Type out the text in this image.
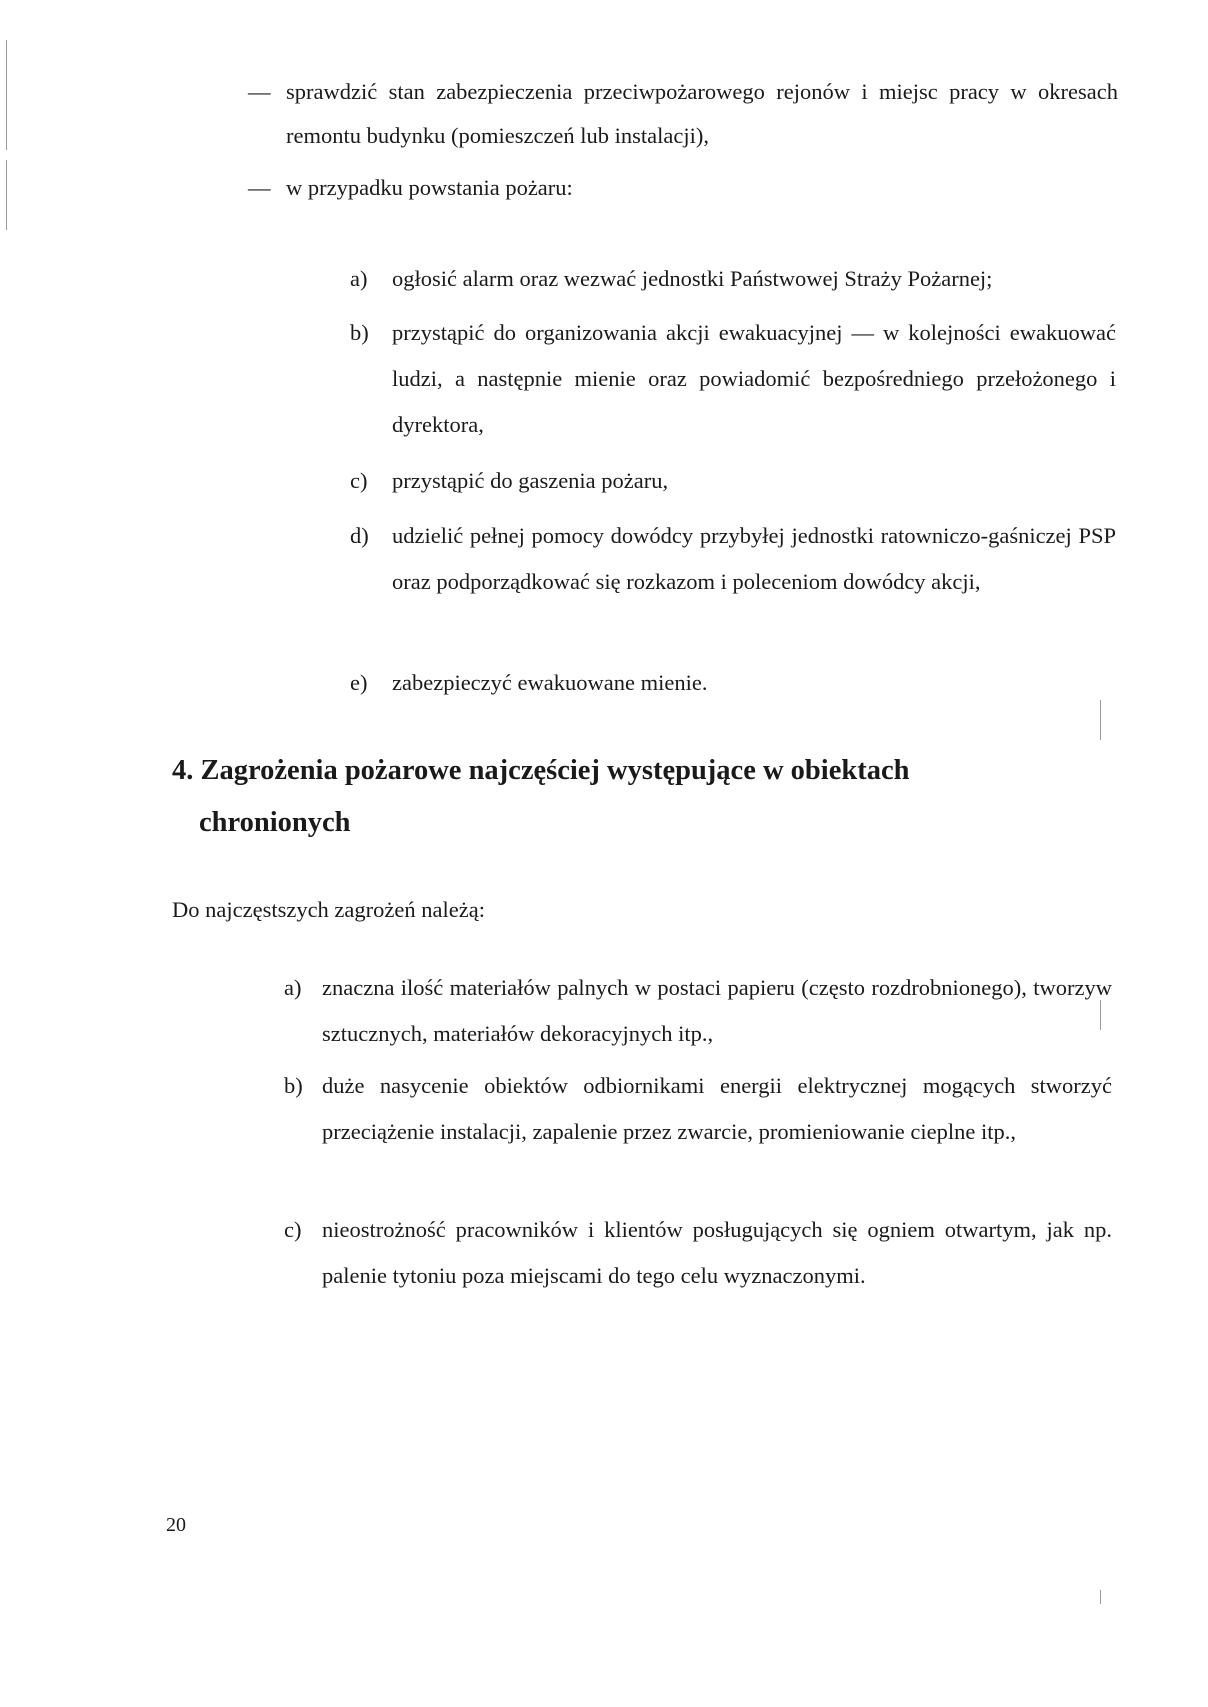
— sprawdzić stan zabezpieczenia przeciwpożarowego rejonów i miejsc pracy w okresach remontu budynku (pomieszczeń lub instalacji),
— w przypadku powstania pożaru:
a) ogłosić alarm oraz wezwać jednostki Państwowej Straży Pożarnej;
b) przystąpić do organizowania akcji ewakuacyjnej — w kolejności ewakuować ludzi, a następnie mienie oraz powiadomić bezpośredniego przełożonego i dyrektora,
c) przystąpić do gaszenia pożaru,
d) udzielić pełnej pomocy dowódcy przybyłej jednostki ratowniczo-gaśniczej PSP oraz podporządkować się rozkazom i poleceniom dowódcy akcji,
e) zabezpieczyć ewakuowane mienie.
4. Zagrożenia pożarowe najczęściej występujące w obiektach
chronionych
Do najczęstszych zagrożeń należą:
a) znaczna ilość materiałów palnych w postaci papieru (często rozdrobnionego), tworzyw sztucznych, materiałów dekoracyjnych itp.,
b) duże nasycenie obiektów odbiornikami energii elektrycznej mogących stworzyć przeciążenie instalacji, zapalenie przez zwarcie, promieniowanie cieplne itp.,
c) nieostrożność pracowników i klientów posługujących się ogniem otwartym, jak np. palenie tytoniu poza miejscami do tego celu wyznaczonymi.
20
